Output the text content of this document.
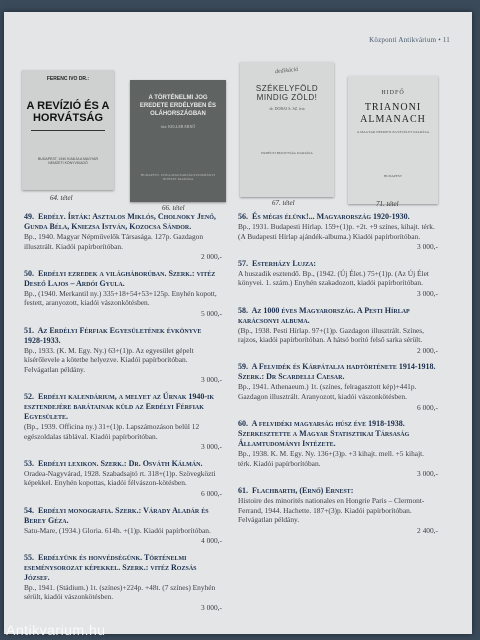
Központi Antikvárium • 11
FERENC IVO DR.:
A REVÍZIÓ ÉS A HORVÁTSÁG
BUDAPEST, 1940 KIADJA A MAGYAR NEMZETI KÖNYVKIADÓ
64. tétel
A TÖRTÉNELMI JOG EREDETE ERDÉLYBEN ÉS OLÁHORSZÁGBAN
írta: KELLER ERNŐ
BUDAPEST, 1938 A MAGYARSÁGTUDOMÁNYI INTÉZET KIADÁSA
66. tétel
dedikáció
SZÉKELYFÖLD MINDIG ZÖLD!
dr. DOBAI S. SZ. írta
ERDÉLYI BIZOTTSÁG KIADÁSA
67. tétel
HIDFŐ
TRIANONI ALMANACH
A MAGYAR NEMZETI EGYESÜLET KIADÁSA
BUDAPEST
71. tétel
49. Erdély. Írták: Asztalos Miklós, Cholnoky Jenő, Gunda Béla, Kniezsa István, Kozocsa Sándor.
Bp., 1940. Magyar Népművelők Társasága. 127p. Gazdagon illusztrált. Kiadói papírborítóban.
2 000,-
50. Erdélyi ezredek a világháborúban. Szerk.: vitéz Deseő Lajos – Ardói Gyula.
Bp., (1940. Merkantil ny.) 335+18+54+53+125p. Enyhén kopott, festett, aranyozott, kiadói vászonkötésben.
5 000,-
51. Az Erdélyi Férfiak Egyesületének évkönyve 1928-1933.
Bp., 1933. (K. M. Egy. Ny.) 63+(1)p. Az egyesület gépelt kísérőlevele a kötetbe helyezve. Kiadói papírborítóban. Felvágatlan példány.
3 000,-
52. Erdélyi kalendárium, a melyet az Úrnak 1940-ik esztendejére barátainak küld az Erdélyi Férfiak Egyesülete.
(Bp., 1939. Officina ny.) 31+(1)p. Lapszámozáson belül 12 egészoldalas táblával. Kiadói papírborítóban.
3 000,-
53. Erdélyi lexikon. Szerk.: Dr. Osváth Kálmán.
Oradea-Nagyvárad, 1928. Szabadsajtó rt. 318+(1)p. Szövegközti képekkel. Enyhén kopottas, kiadói félvászon-kötésben.
6 000,-
54. Erdélyi monografia. Szerk.: Várady Aladár és Berey Géza.
Satu-Mare, (1934.) Gloria. 614h. +(1)p. Kiadói papírborítóban.
4 000,-
55. Erdélyünk és honvédségünk. Történelmi eseménysorozat képekkel. Szerk.: vitéz Rozsás József.
Bp., 1941. (Stádium.) 1t. (színes)+224p. +48t. (7 színes) Enyhén sérült, kiadói vászonkötésben.
3 000,-
56. És mégis élünk!... Magyarország 1920-1930.
Bp., 1931. Budapesti Hírlap. 159+(1)p. +2t. +9 színes, kihajt. térk. (A Budapesti Hírlap ajándék-albuma.) Kiadói papírborítóban.
3 000,-
57. Esterházy Lujza:
A huszadik esztendő. Bp., (1942. (Új Élet.) 75+(1)p. (Az Új Élet könyvei. 1. szám.) Enyhén szakadozott, kiadói papírborítóban.
3 000,-
58. Az 1000 éves Magyarország. A Pesti Hírlap karácsonyi albuma.
(Bp., 1938. Pesti Hírlap. 97+(1)p. Gazdagon illusztrált. Színes, rajzos, kiadói papírborítóban. A hátsó borító felső sarka sérült.
2 000,-
59. A Felvidék és Kárpátalja hadtörténete 1914-1918. Szerk.: Dr Scardelli Caesar.
Bp., 1941. Athenaeum.) 1t. (színes, felragasztott kép)+441p. Gazdagon illusztrált. Aranyozott, kiadói vászonkötésben.
6 000,-
60. A felvidéki magyarság húsz éve 1918-1938. Szerkesztette a Magyar Statisztikai Társaság Államtudományi Intézete.
Bp., 1938. K. M. Egy. Ny. 136+(3)p. +3 kihajt. mell. +5 kihajt. térk. Kiadói papírborítóban.
3 000,-
61. Flachbarth, (Ernő) Ernest:
Histoire des minorités nationales en Hongrie Paris – Clermont-Ferrand, 1944. Hachette. 187+(3)p. Kiadói papírborítóban. Felvágatlan példány.
2 400,-
Antikvarium.hu
